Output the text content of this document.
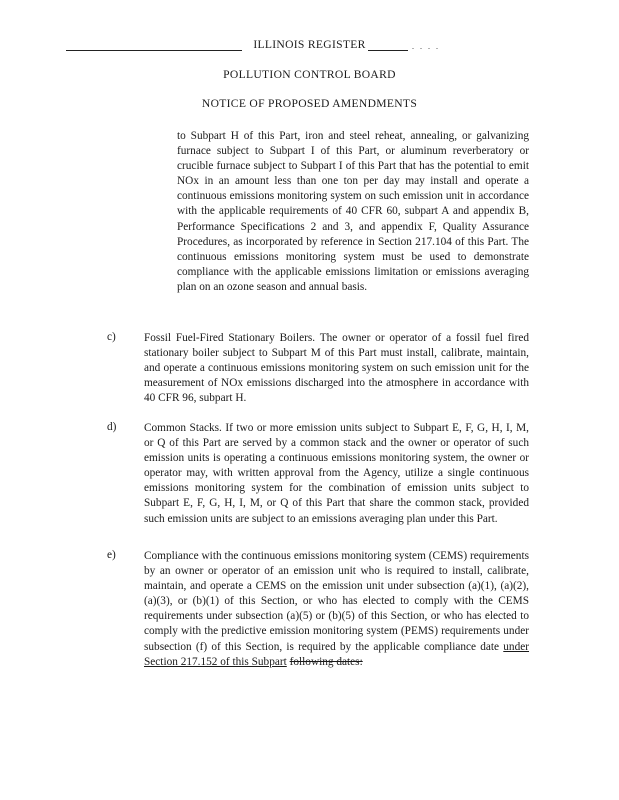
. . . .
ILLINOIS REGISTER
POLLUTION CONTROL BOARD
NOTICE OF PROPOSED AMENDMENTS
to Subpart H of this Part, iron and steel reheat, annealing, or galvanizing furnace subject to Subpart I of this Part, or aluminum reverberatory or crucible furnace subject to Subpart I of this Part that has the potential to emit NOx in an amount less than one ton per day may install and operate a continuous emissions monitoring system on such emission unit in accordance with the applicable requirements of 40 CFR 60, subpart A and appendix B, Performance Specifications 2 and 3, and appendix F, Quality Assurance Procedures, as incorporated by reference in Section 217.104 of this Part. The continuous emissions monitoring system must be used to demonstrate compliance with the applicable emissions limitation or emissions averaging plan on an ozone season and annual basis.
c) Fossil Fuel-Fired Stationary Boilers. The owner or operator of a fossil fuel fired stationary boiler subject to Subpart M of this Part must install, calibrate, maintain, and operate a continuous emissions monitoring system on such emission unit for the measurement of NOx emissions discharged into the atmosphere in accordance with 40 CFR 96, subpart H.
d) Common Stacks. If two or more emission units subject to Subpart E, F, G, H, I, M, or Q of this Part are served by a common stack and the owner or operator of such emission units is operating a continuous emissions monitoring system, the owner or operator may, with written approval from the Agency, utilize a single continuous emissions monitoring system for the combination of emission units subject to Subpart E, F, G, H, I, M, or Q of this Part that share the common stack, provided such emission units are subject to an emissions averaging plan under this Part.
e) Compliance with the continuous emissions monitoring system (CEMS) requirements by an owner or operator of an emission unit who is required to install, calibrate, maintain, and operate a CEMS on the emission unit under subsection (a)(1), (a)(2), (a)(3), or (b)(1) of this Section, or who has elected to comply with the CEMS requirements under subsection (a)(5) or (b)(5) of this Section, or who has elected to comply with the predictive emission monitoring system (PEMS) requirements under subsection (f) of this Section, is required by the applicable compliance date under Section 217.152 of this Subpart following dates:
